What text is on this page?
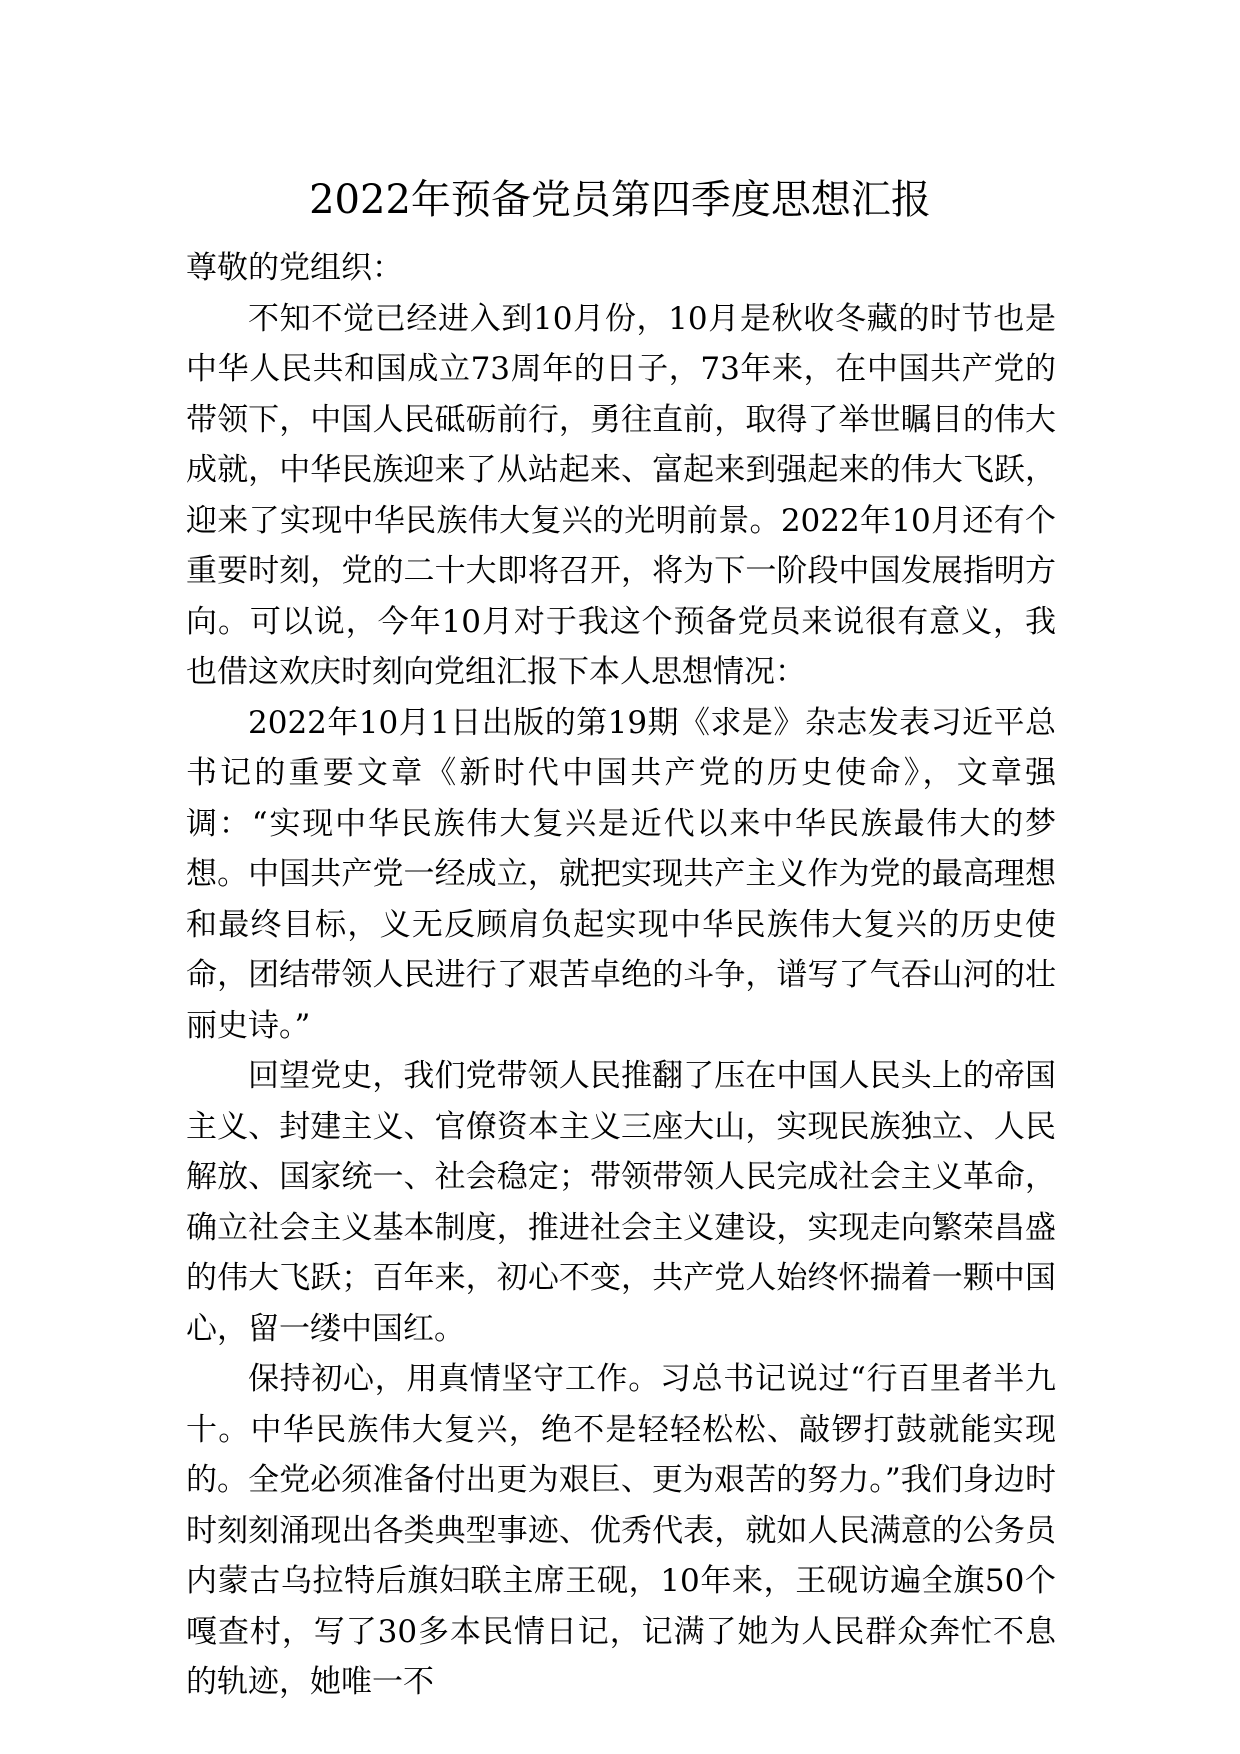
2022年预备党员第四季度思想汇报

尊敬的党组织：

不知不觉已经进入到10月份，10月是秋收冬藏的时节也是中华人民共和国成立73周年的日子，73年来，在中国共产党的带领下，中国人民砥砺前行，勇往直前，取得了举世瞩目的伟大成就，中华民族迎来了从站起来、富起来到强起来的伟大飞跃，迎来了实现中华民族伟大复兴的光明前景。2022年10月还有个重要时刻，党的二十大即将召开，将为下一阶段中国发展指明方向。可以说，今年10月对于我这个预备党员来说很有意义，我也借这欢庆时刻向党组汇报下本人思想情况：

2022年10月1日出版的第19期《求是》杂志发表习近平总书记的重要文章《新时代中国共产党的历史使命》，文章强调：“实现中华民族伟大复兴是近代以来中华民族最伟大的梦想。中国共产党一经成立，就把实现共产主义作为党的最高理想和最终目标，义无反顾肩负起实现中华民族伟大复兴的历史使命，团结带领人民进行了艰苦卓绝的斗争，谱写了气吞山河的壮丽史诗。”

回望党史，我们党带领人民推翻了压在中国人民头上的帝国主义、封建主义、官僚资本主义三座大山，实现民族独立、人民解放、国家统一、社会稳定；带领带领人民完成社会主义革命，确立社会主义基本制度，推进社会主义建设，实现走向繁荣昌盛的伟大飞跃；百年来，初心不变，共产党人始终怀揣着一颗中国心，留一缕中国红。

保持初心，用真情坚守工作。习总书记说过“行百里者半九十。中华民族伟大复兴，绝不是轻轻松松、敲锣打鼓就能实现的。全党必须准备付出更为艰巨、更为艰苦的努力。”我们身边时时刻刻涌现出各类典型事迹、优秀代表，就如人民满意的公务员内蒙古乌拉特后旗妇联主席王砚，10年来，王砚访遍全旗50个嘎查村，写了30多本民情日记，记满了她为人民群众奔忙不息的轨迹，她唯一不
